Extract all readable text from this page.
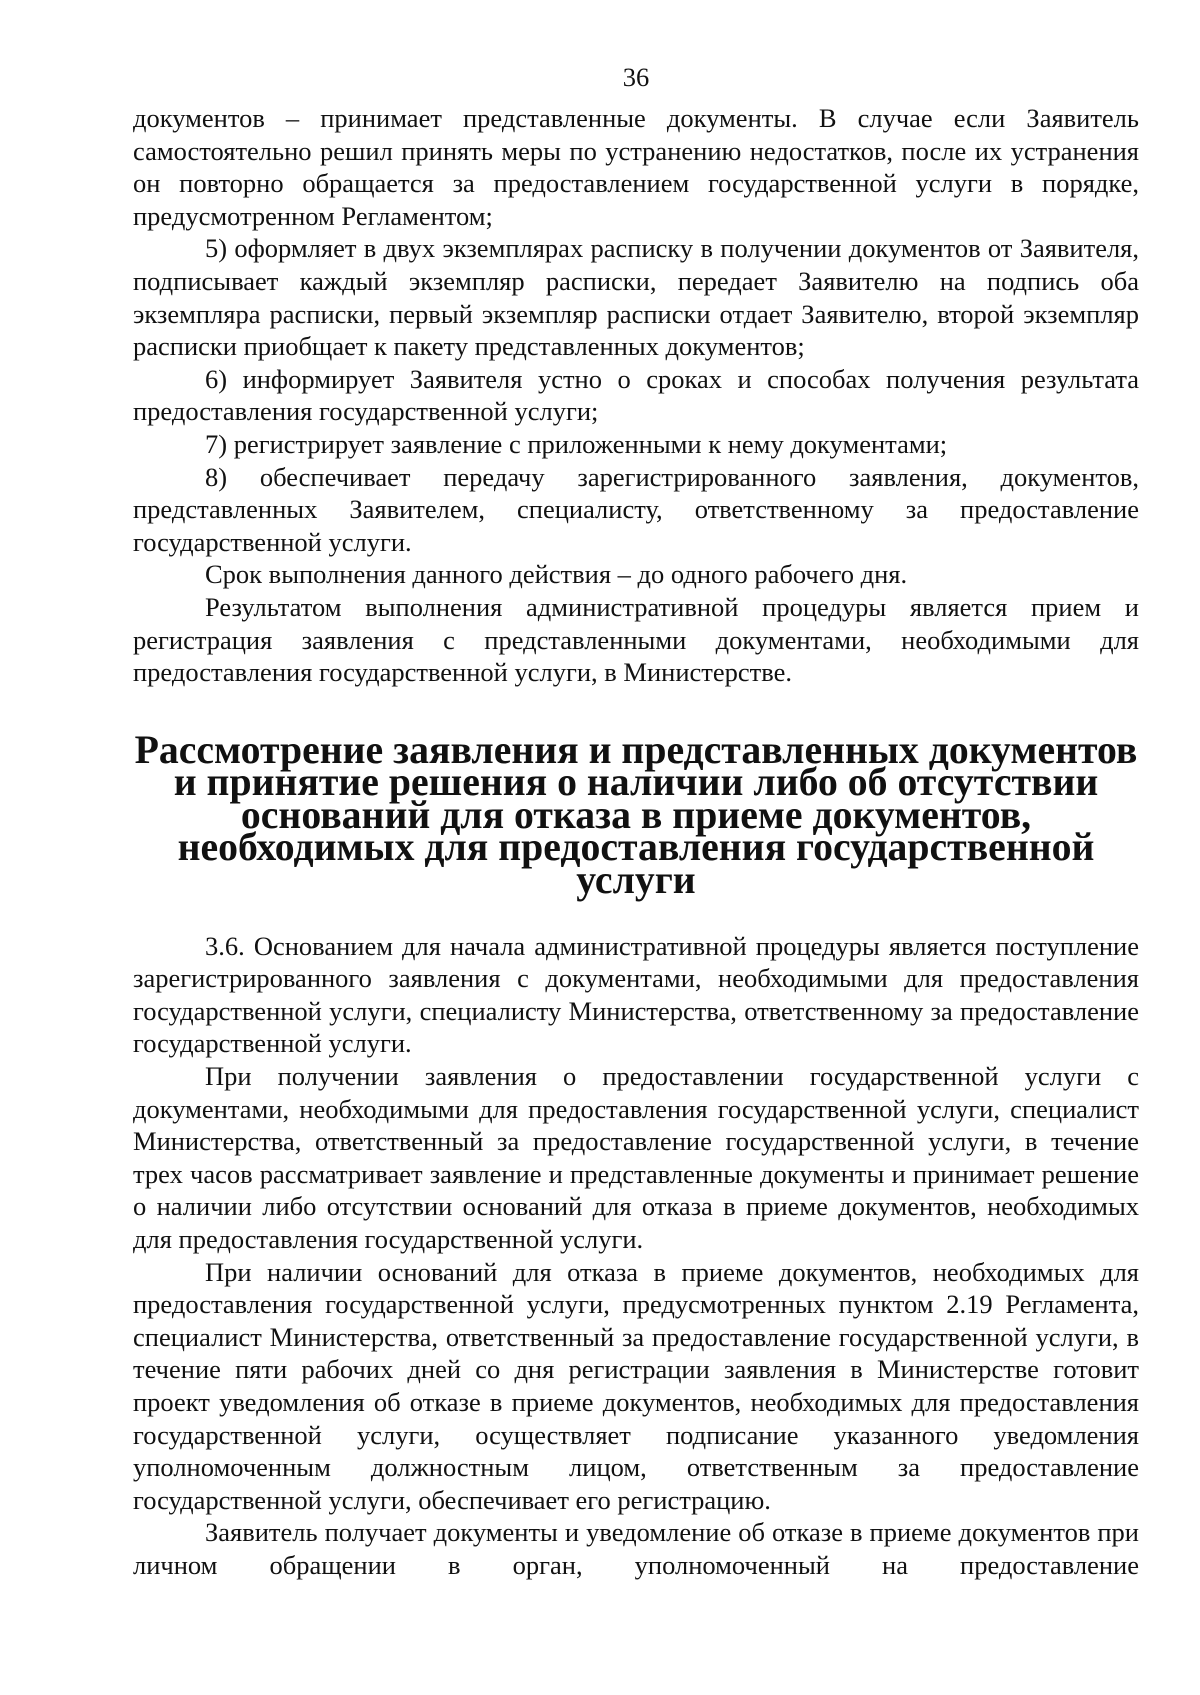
36

документов – принимает представленные документы. В случае если Заявитель самостоятельно решил принять меры по устранению недостатков, после их устранения он повторно обращается за предоставлением государственной услуги в порядке, предусмотренном Регламентом;

5) оформляет в двух экземплярах расписку в получении документов от Заявителя, подписывает каждый экземпляр расписки, передает Заявителю на подпись оба экземпляра расписки, первый экземпляр расписки отдает Заявителю, второй экземпляр расписки приобщает к пакету представленных документов;

6) информирует Заявителя устно о сроках и способах получения результата предоставления государственной услуги;

7) регистрирует заявление с приложенными к нему документами;

8) обеспечивает передачу зарегистрированного заявления, документов, представленных Заявителем, специалисту, ответственному за предоставление государственной услуги.

Срок выполнения данного действия – до одного рабочего дня.

Результатом выполнения административной процедуры является прием и регистрация заявления с представленными документами, необходимыми для предоставления государственной услуги, в Министерстве.

Рассмотрение заявления и представленных документов и принятие решения о наличии либо об отсутствии оснований для отказа в приеме документов, необходимых для предоставления государственной услуги

3.6. Основанием для начала административной процедуры является поступление зарегистрированного заявления с документами, необходимыми для предоставления государственной услуги, специалисту Министерства, ответственному за предоставление государственной услуги.

При получении заявления о предоставлении государственной услуги с документами, необходимыми для предоставления государственной услуги, специалист Министерства, ответственный за предоставление государственной услуги, в течение трех часов рассматривает заявление и представленные документы и принимает решение о наличии либо отсутствии оснований для отказа в приеме документов, необходимых для предоставления государственной услуги.

При наличии оснований для отказа в приеме документов, необходимых для предоставления государственной услуги, предусмотренных пунктом 2.19 Регламента, специалист Министерства, ответственный за предоставление государственной услуги, в течение пяти рабочих дней со дня регистрации заявления в Министерстве готовит проект уведомления об отказе в приеме документов, необходимых для предоставления государственной услуги, осуществляет подписание указанного уведомления уполномоченным должностным лицом, ответственным за предоставление государственной услуги, обеспечивает его регистрацию.

Заявитель получает документы и уведомление об отказе в приеме документов при личном обращении в орган, уполномоченный на предоставление
